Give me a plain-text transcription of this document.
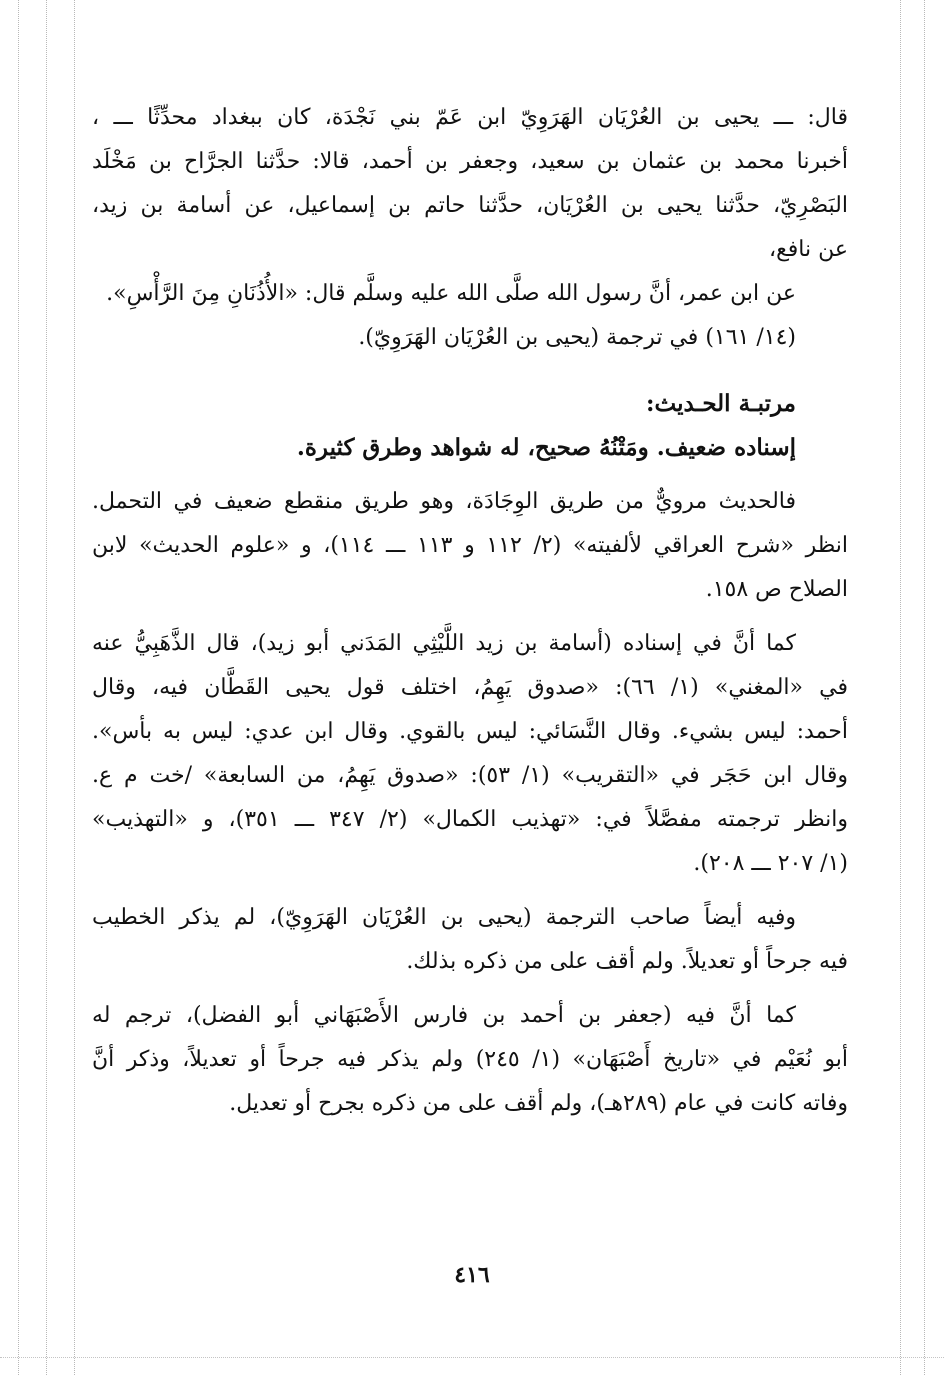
قال: ـــ يحيى بن العُرْيَان الهَرَوِيّ ابن عَمّ بني نَجْدَة، كان ببغداد محدِّثًا ـــ ،
أخبرنا محمد بن عثمان بن سعيد، وجعفر بن أحمد، قالا: حدَّثنا الجرَّاح بن مَخْلَد
البَصْرِيّ، حدَّثنا يحيى بن العُرْيَان، حدَّثنا حاتم بن إسماعيل، عن أسامة بن زيد،
عن نافع،
عن ابن عمر، أنَّ رسول الله صلَّى الله عليه وسلَّم قال: «الأُذُنَانِ مِنَ الرَّأْسِ».
(١٤/ ١٦١) في ترجمة (يحيى بن العُرْيَان الهَرَوِيّ).
مرتبـة الحـديث:
إسناده ضعيف. ومَتْنُهُ صحيح، له شواهد وطرق كثيرة.
فالحديث مرويٌّ من طريق الوِجَادَة، وهو طريق منقطع ضعيف في التحمل.
انظر «شرح العراقي لألفيته» (٢/ ١١٢ و ١١٣ ـــ ١١٤)، و «علوم الحديث» لابن
الصلاح ص ١٥٨.
كما أنَّ في إسناده (أسامة بن زيد اللَّيْثِي المَدَني أبو زيد)، قال الذَّهَبِيُّ عنه
في «المغني» (١/ ٦٦): «صدوق يَهِمُ، اختلف قول يحيى القَطَّان فيه، وقال
أحمد: ليس بشيء. وقال النَّسَائي: ليس بالقوي. وقال ابن عدي: ليس به بأس».
وقال ابن حَجَر في «التقريب» (١/ ٥٣): «صدوق يَهِمُ، من السابعة» /خت م ع.
وانظر ترجمته مفصَّلاً في: «تهذيب الكمال» (٢/ ٣٤٧ ـــ ٣٥١)، و «التهذيب»
(١/ ٢٠٧ ـــ ٢٠٨).
وفيه أيضاً صاحب الترجمة (يحيى بن العُرْيَان الهَرَوِيّ)، لم يذكر الخطيب
فيه جرحاً أو تعديلاً. ولم أقف على من ذكره بذلك.
كما أنَّ فيه (جعفر بن أحمد بن فارس الأَصْبَهَاني أبو الفضل)، ترجم له
أبو نُعَيْم في «تاريخ أَصْبَهَان» (١/ ٢٤٥) ولم يذكر فيه جرحاً أو تعديلاً، وذكر أنَّ
وفاته كانت في عام (٢٨٩هـ)، ولم أقف على من ذكره بجرح أو تعديل.
٤١٦
